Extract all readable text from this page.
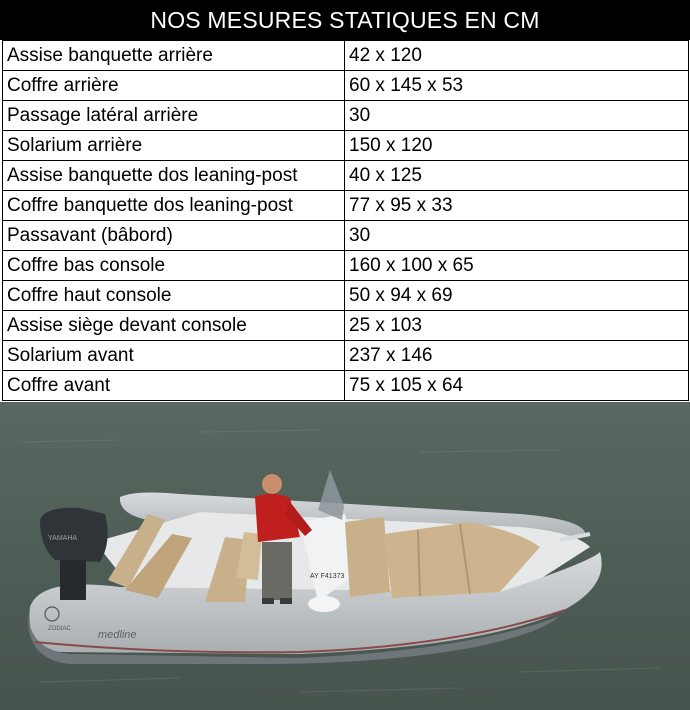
NOS MESURES STATIQUES EN CM
Assise banquette arrière	42 x 120
Coffre arrière	60 x 145 x 53
Passage latéral arrière	30
Solarium arrière	150 x 120
Assise banquette dos leaning-post	40 x 125
Coffre banquette dos leaning-post	77 x 95 x 33
Passavant (bâbord)	30
Coffre bas console	160 x 100 x 65
Coffre haut console	50 x 94 x 69
Assise siège devant console	25 x 103
Solarium avant	237 x 146
Coffre avant	75 x 105 x 64
YAMAHA
AY F41373
ZODIAC medline
